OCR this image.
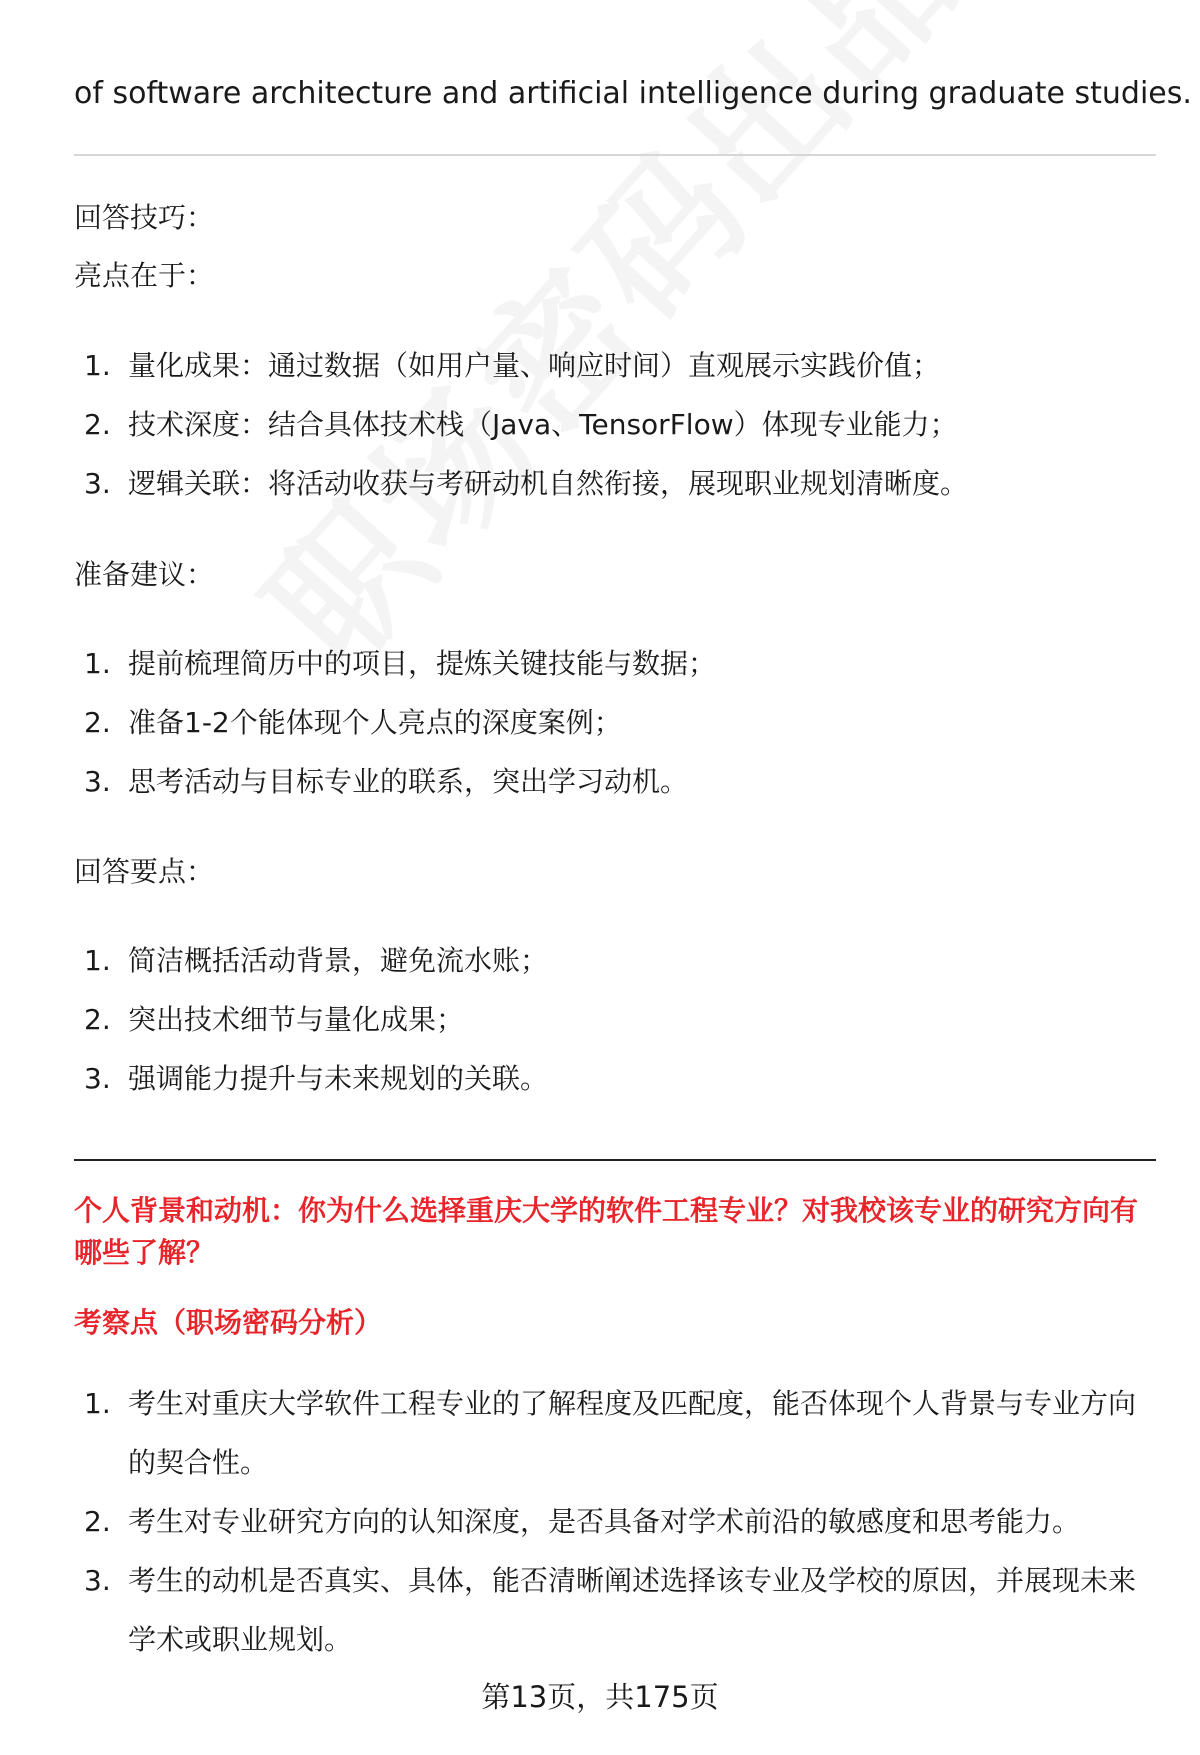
of software architecture and artificial intelligence during graduate studies.
回答技巧：
亮点在于：
1. 量化成果：通过数据（如用户量、响应时间）直观展示实践价值；
2. 技术深度：结合具体技术栈（Java、TensorFlow）体现专业能力；
3. 逻辑关联：将活动收获与考研动机自然衔接，展现职业规划清晰度。
准备建议：
1. 提前梳理简历中的项目，提炼关键技能与数据；
2. 准备1-2个能体现个人亮点的深度案例；
3. 思考活动与目标专业的联系，突出学习动机。
回答要点：
1. 简洁概括活动背景，避免流水账；
2. 突出技术细节与量化成果；
3. 强调能力提升与未来规划的关联。
个人背景和动机：你为什么选择重庆大学的软件工程专业？对我校该专业的研究方向有哪些了解？
考察点（职场密码分析）
1. 考生对重庆大学软件工程专业的了解程度及匹配度，能否体现个人背景与专业方向的契合性。
2. 考生对专业研究方向的认知深度，是否具备对学术前沿的敏感度和思考能力。
3. 考生的动机是否真实、具体，能否清晰阐述选择该专业及学校的原因，并展现未来学术或职业规划。
第13页，共175页
